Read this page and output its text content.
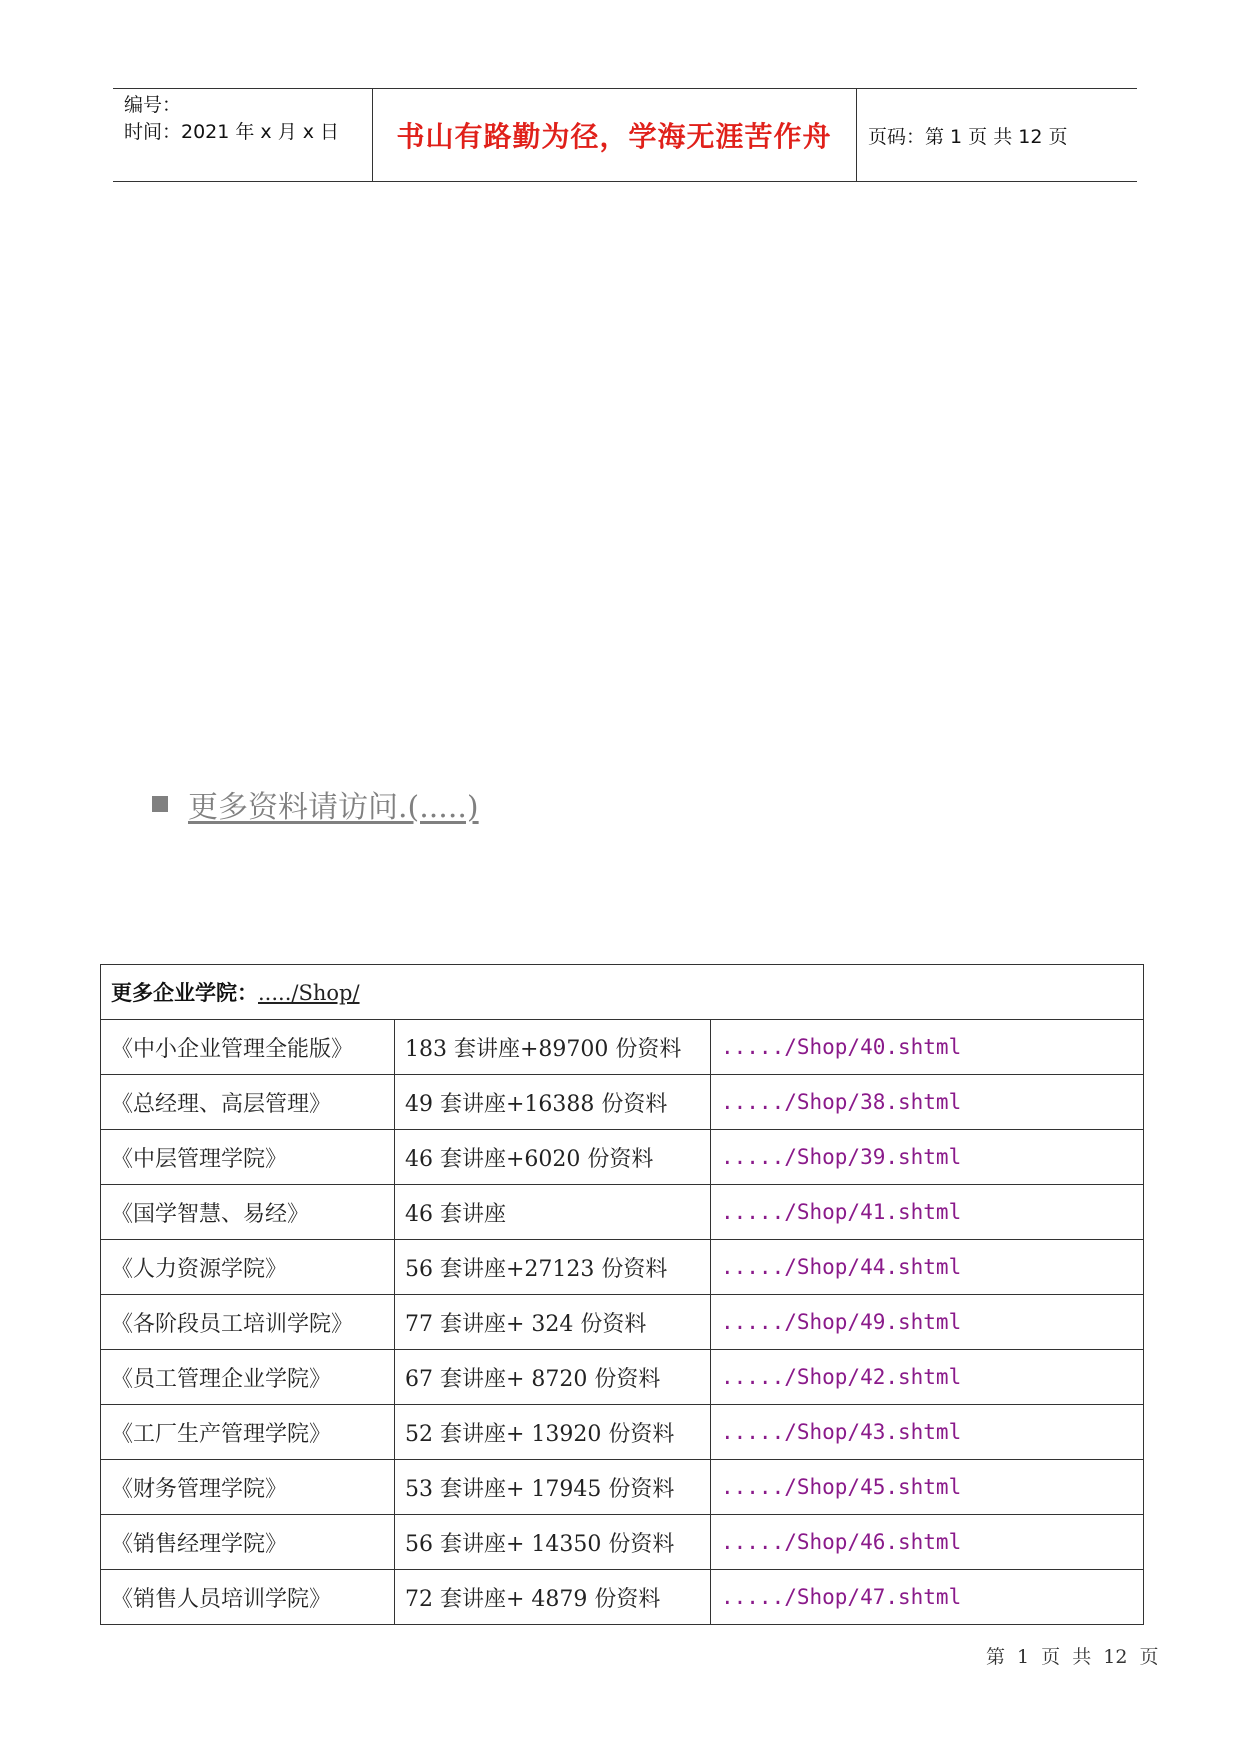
编号：
时间：2021 年 x 月 x 日	书山有路勤为径，学海无涯苦作舟	页码：第 1 页 共 12 页
更多资料请访问.(.....)
更多企业学院：...../Shop/		
《中小企业管理全能版》	183 套讲座+89700 份资料	...../Shop/40.shtml
《总经理、高层管理》	49 套讲座+16388 份资料	...../Shop/38.shtml
《中层管理学院》	46 套讲座+6020 份资料	...../Shop/39.shtml
《国学智慧、易经》	46 套讲座	...../Shop/41.shtml
《人力资源学院》	56 套讲座+27123 份资料	...../Shop/44.shtml
《各阶段员工培训学院》	77 套讲座+ 324 份资料	...../Shop/49.shtml
《员工管理企业学院》	67 套讲座+ 8720 份资料	...../Shop/42.shtml
《工厂生产管理学院》	52 套讲座+ 13920 份资料	...../Shop/43.shtml
《财务管理学院》	53 套讲座+ 17945 份资料	...../Shop/45.shtml
《销售经理学院》	56 套讲座+ 14350 份资料	...../Shop/46.shtml
《销售人员培训学院》	72 套讲座+ 4879 份资料	...../Shop/47.shtml
第 1 页 共 12 页
